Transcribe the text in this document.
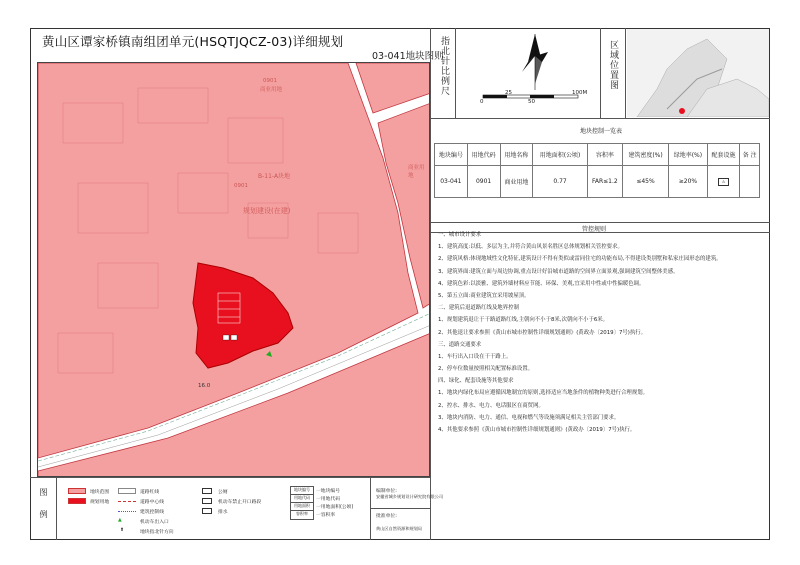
黄山区谭家桥镇南组团单元(HSQTJQCZ-03)详细规划
03-041地块图则
B-11-A块地
0901
规划建设(在建)
0901
商业用地
商业用地
16.0
指北针比例尺
0
25
50
100M
区域位置图
地块控制一览表
地块编号	用地代码	用地名称	用地面积(公顷)	容积率	建筑密度(%)	绿地率(%)	配套设施	备 注
03-041	0901	商业用地	0.77	FAR≤1.2	≤45%	≥20%	⚠	
管控规则

一、城市设计要求

1、建筑高度:以低、多层为主,并符合黄山风景名胜区总体规划相关管控要求。

2、建筑风格:体现地域性文化特征,建筑设计不得有类似或雷同住宅的功能布局,不得建设类别墅和私家庄园形态的建筑。

3、建筑界面:建筑立面与周边协调,重点设计好沿城市道路的空间界立面景观,强调建筑空间整体美感。

4、建筑色彩:以淡雅、建筑外墙材料应节能、环保、美观,宜采用中性或中性偏暖色调。

5、第五立面:商业建筑宜采用坡屋顶。

二、建筑后退道路红线及地界控制

1、规划建筑退让于干路道路红线,主朝向不小于8米,次朝向不小于6米。

2、其他退让要求参照《黄山市城市控制性详细规划通则》(黄政办〔2019〕7号)执行。

三、道路交通要求

1、车行出入口设在干干路上。

2、停车位数量按照相关配置标准设置。

四、绿化、配套设施等其他要求

1、地块内绿化布局应遵循因地制宜的原则,选择适应当地条件的植物种类进行合理规划。

2、控水、排水、电力、电话服区在商贸网。

3、地块内消防、电力、通信、电视和燃气等设施须满足相关主管部门要求。

4、其他要求参照《黄山市城市控制性详细规划通则》(黄政办〔2019〕7号)执行。

图例	地块范围
规划用地
道路红线
道路中心线
建筑控制线
▲	机动车出入口
⬆	地块指北针方向
公厕
机动车禁止开口路段
排水
地块编号
用地代码
用地面积
容积率
一地块编号
一用地代码
一用地面积(公顷)
一容积率
编制单位:
安徽省城乡规划设计研究院有限公司
批准单位:
黄山区自然资源和规划局
